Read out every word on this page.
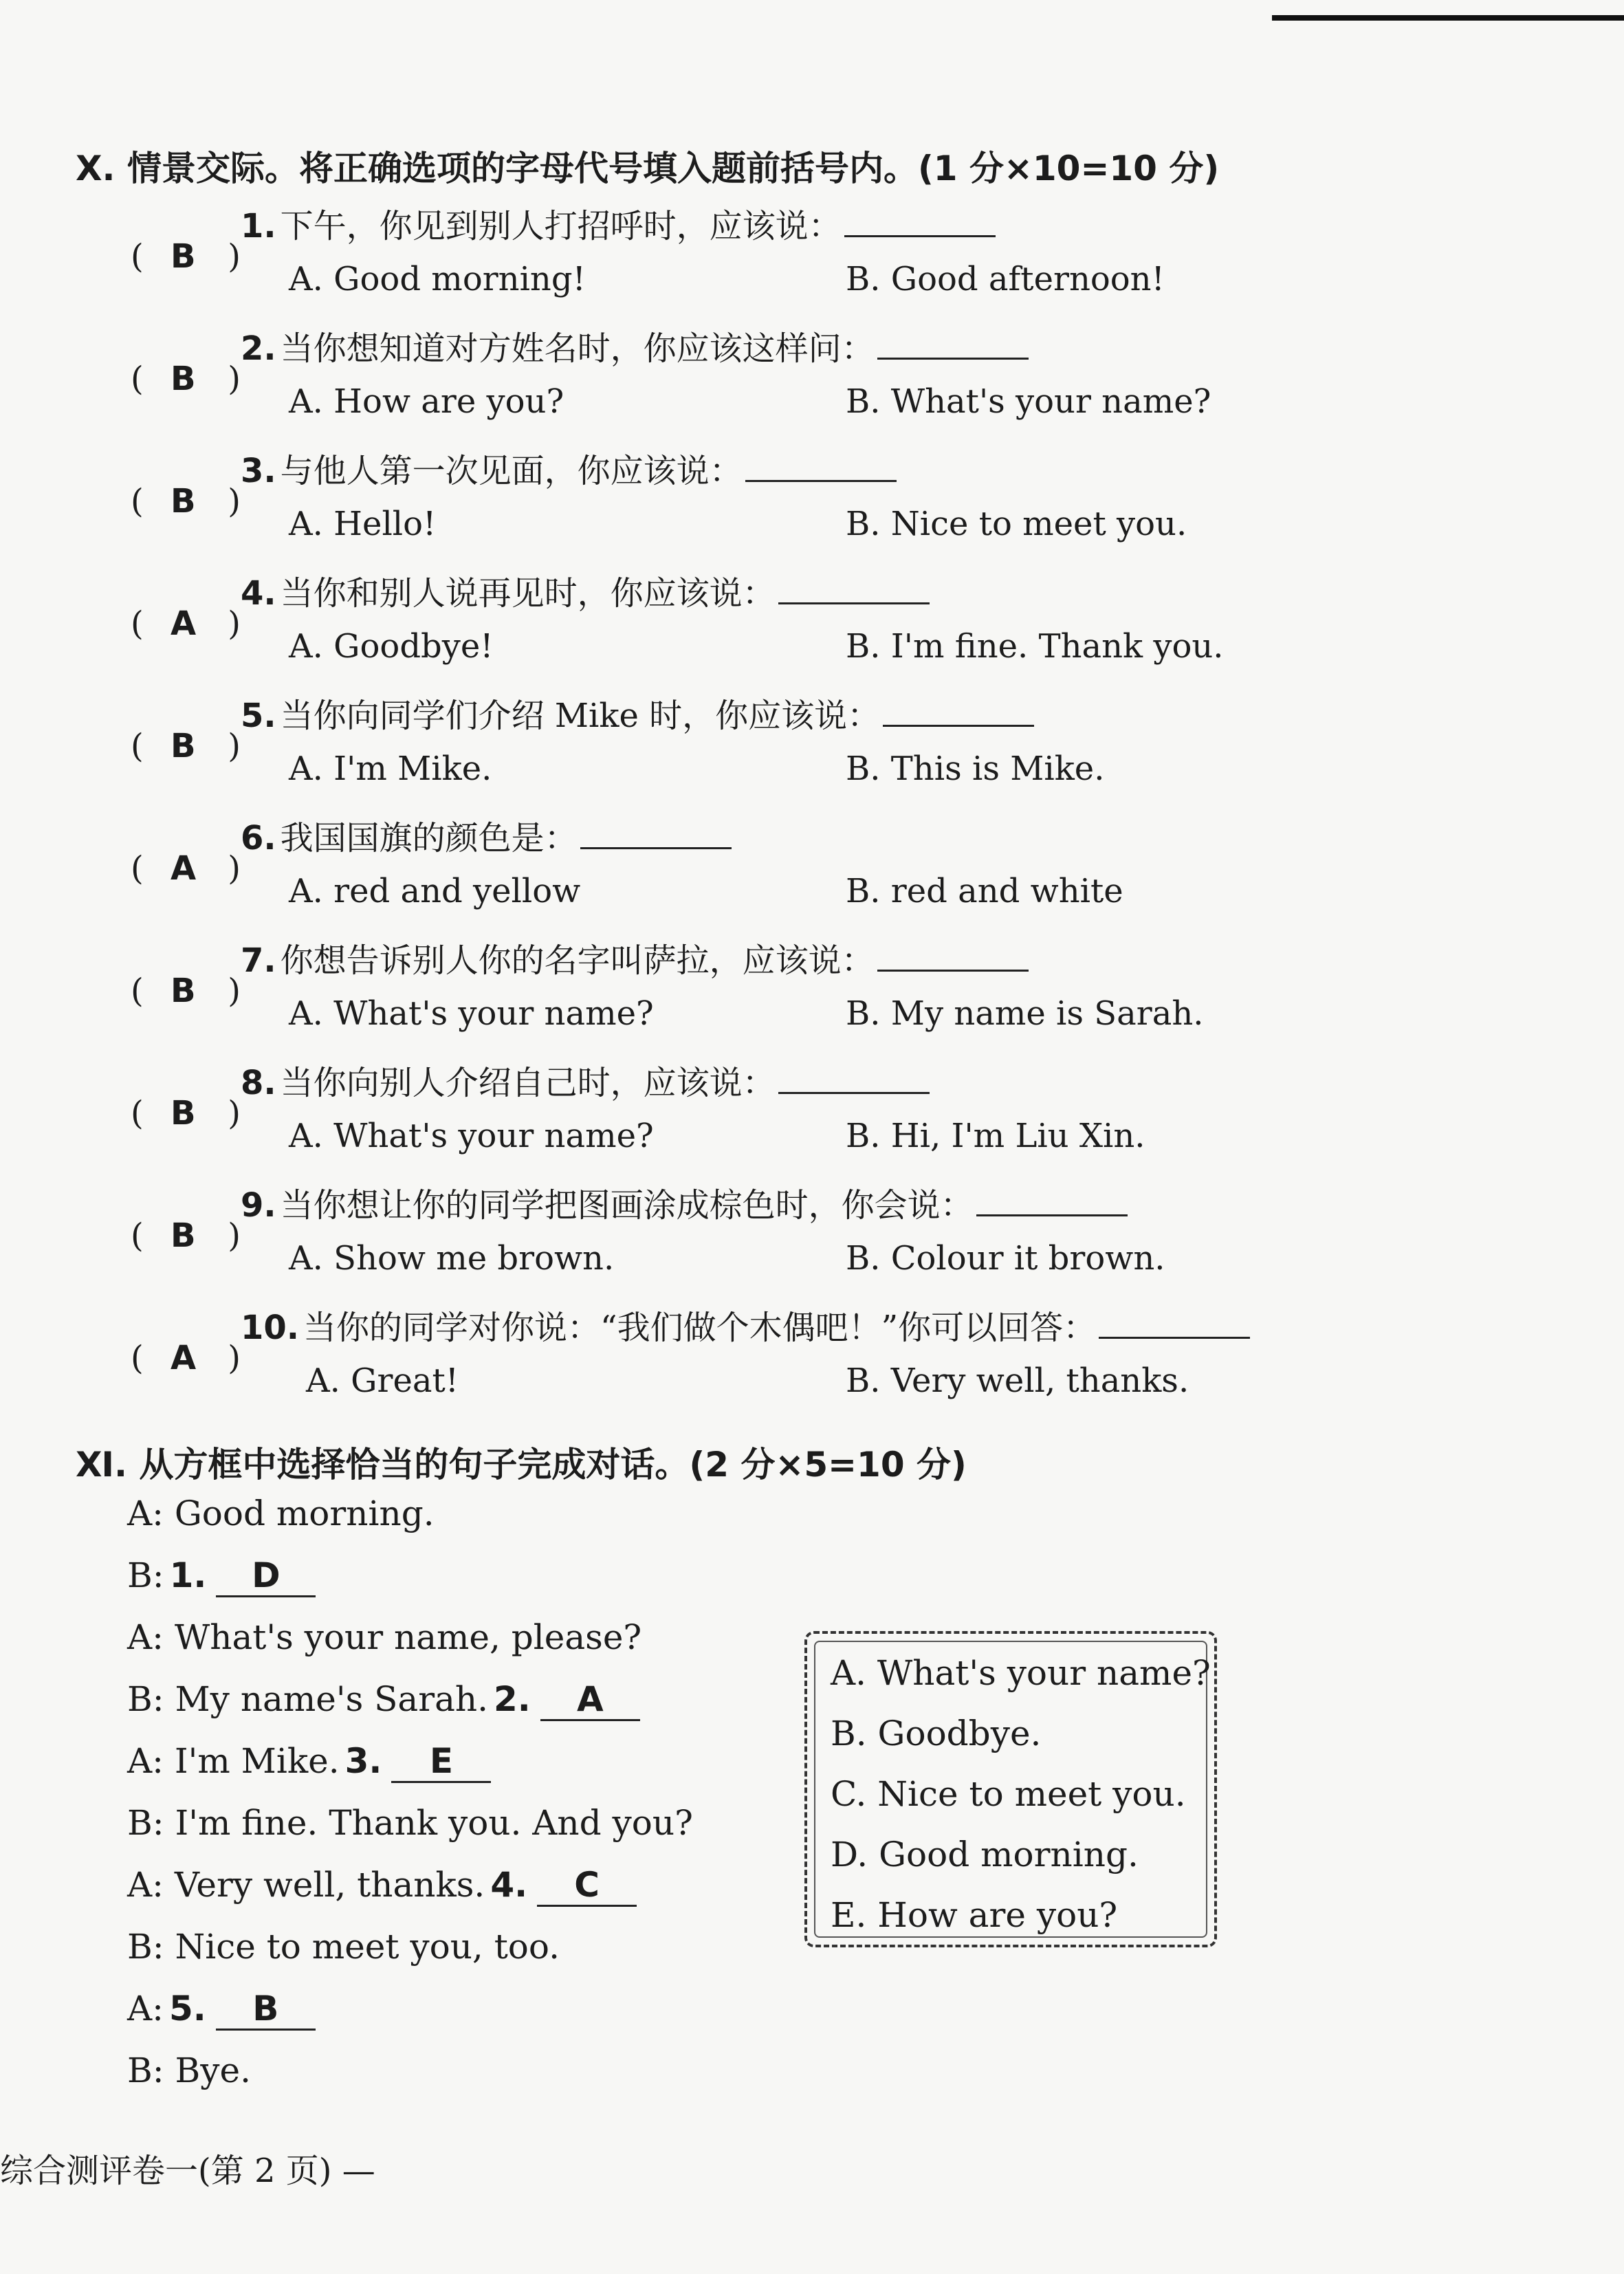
Ⅹ. 情景交际。将正确选项的字母代号填入题前括号内。(1 分×10=10 分)
( B )
1. 下午，你见到别人打招呼时，应该说：
A. Good morning!	B. Good afternoon!
( B )
2. 当你想知道对方姓名时，你应该这样问：
A. How are you?	B. What's your name?
( B )
3. 与他人第一次见面，你应该说：
A. Hello!	B. Nice to meet you.
( A )
4. 当你和别人说再见时，你应该说：
A. Goodbye!	B. I'm fine. Thank you.
( B )
5. 当你向同学们介绍 Mike 时，你应该说：
A. I'm Mike.	B. This is Mike.
( A )
6. 我国国旗的颜色是：
A. red and yellow	B. red and white
( B )
7. 你想告诉别人你的名字叫萨拉，应该说：
A. What's your name?	B. My name is Sarah.
( B )
8. 当你向别人介绍自己时，应该说：
A. What's your name?	B. Hi, I'm Liu Xin.
( B )
9. 当你想让你的同学把图画涂成棕色时，你会说：
A. Show me brown.	B. Colour it brown.
( A )
10. 当你的同学对你说：“我们做个木偶吧！”你可以回答：
A. Great!	B. Very well, thanks.
Ⅺ. 从方框中选择恰当的句子完成对话。(2 分×5=10 分)
A: Good morning.
B: 1.	D
A: What's your name, please?
B: My name's Sarah. 2.	A
A: I'm Mike. 3.	E
B: I'm fine. Thank you. And you?
A: Very well, thanks. 4.	C
B: Nice to meet you, too.
A: 5.	B
B: Bye.
A. What's your name?
B. Goodbye.
C. Nice to meet you.
D. Good morning.
E. How are you?
综合测评卷一(第 2 页) —
